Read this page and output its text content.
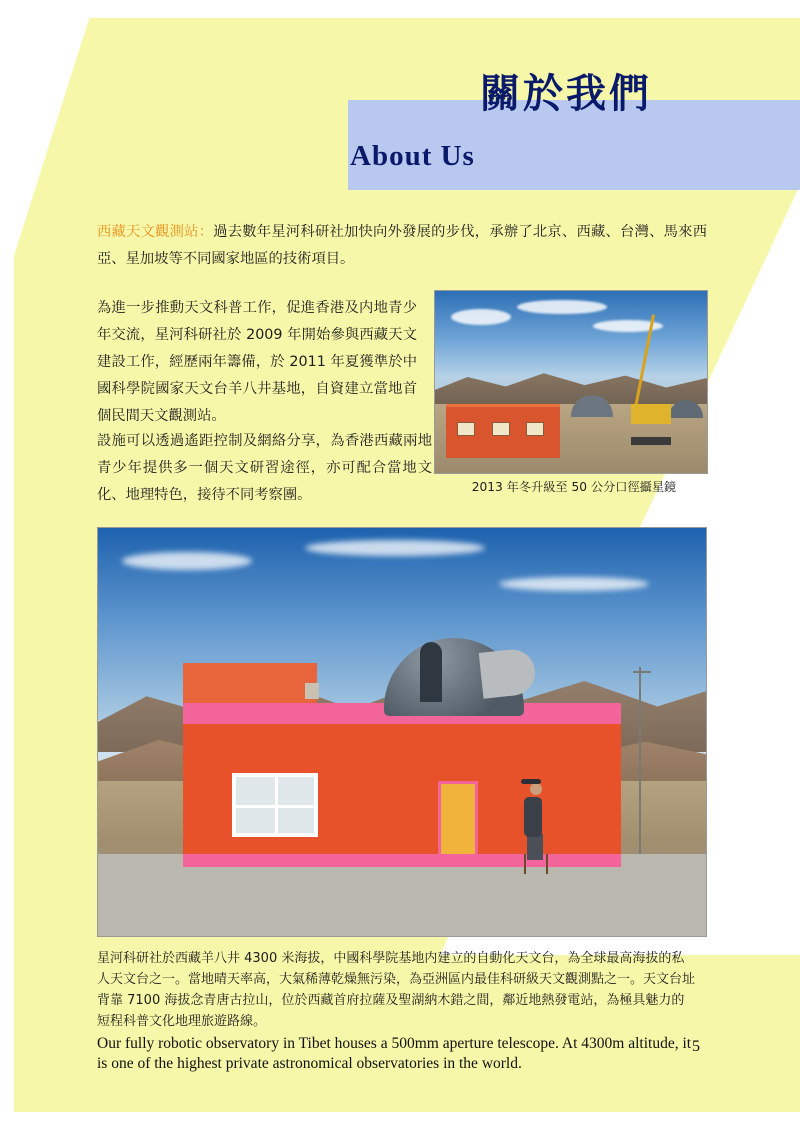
關於我們
About Us
西藏天文觀測站：過去數年星河科研社加快向外發展的步伐，承辦了北京、西藏、台灣、馬來西亞、星加坡等不同國家地區的技術項目。
為進一步推動天文科普工作，促進香港及内地青少年交流，星河科研社於 2009 年開始參與西藏天文建設工作，經歷兩年籌備，於 2011 年夏獲準於中國科學院國家天文台羊八井基地，自資建立當地首個民間天文觀測站。
設施可以透過遙距控制及網絡分享，為香港西藏兩地青少年提供多一個天文研習途徑，亦可配合當地文化、地理特色，接待不同考察團。	2013 年冬升級至 50 公分口徑攝星鏡
星河科研社於西藏羊八井 4300 米海拔，中國科學院基地内建立的自動化天文台，為全球最高海拔的私人天文台之一。當地晴天率高，大氣稀薄乾燥無污染，為亞洲區内最佳科研級天文觀測點之一。天文台址背靠 7100 海拔念青唐古拉山，位於西藏首府拉薩及聖湖納木錯之間，鄰近地熱發電站，為極具魅力的短程科普文化地理旅遊路線。
Our fully robotic observatory in Tibet houses a 500mm aperture telescope. At 4300m altitude, it is one of the highest private astronomical observatories in the world.
5
